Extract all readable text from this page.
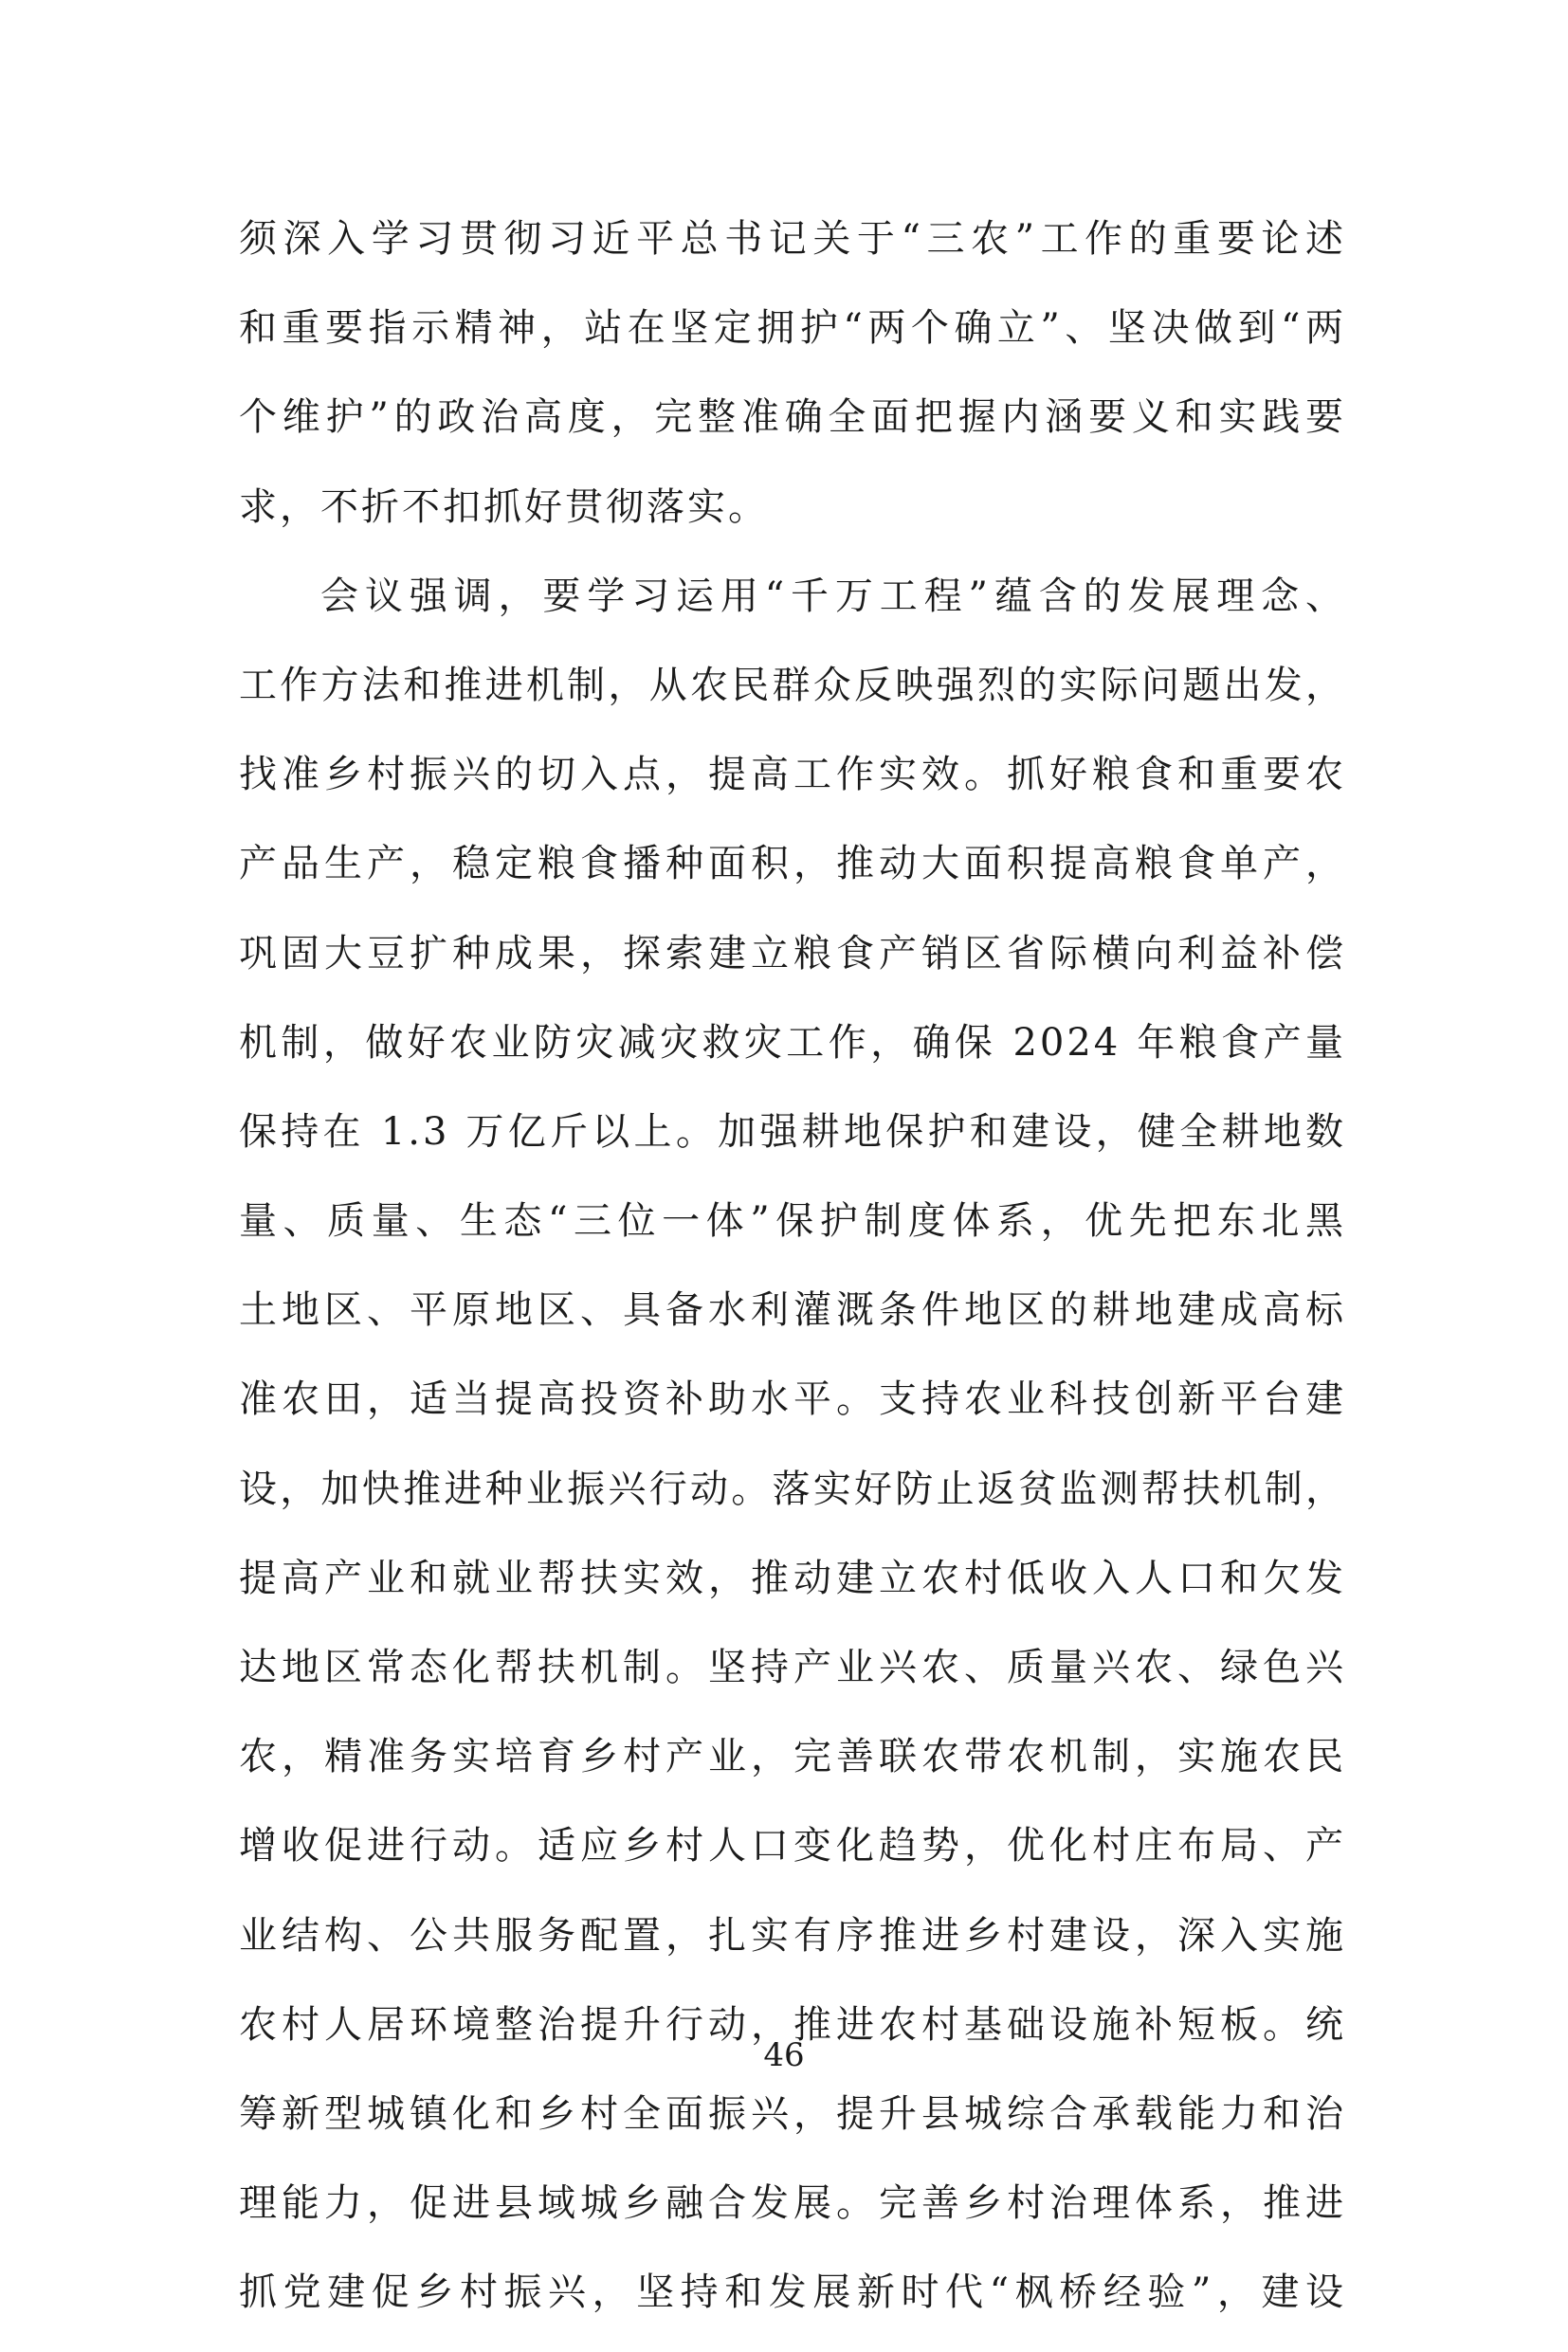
须深入学习贯彻习近平总书记关于“三农”工作的重要论述
和重要指示精神，站在坚定拥护“两个确立”、坚决做到“两
个维护”的政治高度，完整准确全面把握内涵要义和实践要
求，不折不扣抓好贯彻落实。
会议强调，要学习运用“千万工程”蕴含的发展理念、
工作方法和推进机制，从农民群众反映强烈的实际问题出发，
找准乡村振兴的切入点，提高工作实效。抓好粮食和重要农
产品生产，稳定粮食播种面积，推动大面积提高粮食单产，
巩固大豆扩种成果，探索建立粮食产销区省际横向利益补偿
机制，做好农业防灾减灾救灾工作，确保 2024 年粮食产量
保持在 1.3 万亿斤以上。加强耕地保护和建设，健全耕地数
量、质量、生态“三位一体”保护制度体系，优先把东北黑
土地区、平原地区、具备水利灌溉条件地区的耕地建成高标
准农田，适当提高投资补助水平。支持农业科技创新平台建
设，加快推进种业振兴行动。落实好防止返贫监测帮扶机制，
提高产业和就业帮扶实效，推动建立农村低收入人口和欠发
达地区常态化帮扶机制。坚持产业兴农、质量兴农、绿色兴
农，精准务实培育乡村产业，完善联农带农机制，实施农民
增收促进行动。适应乡村人口变化趋势，优化村庄布局、产
业结构、公共服务配置，扎实有序推进乡村建设，深入实施
农村人居环境整治提升行动，推进农村基础设施补短板。统
筹新型城镇化和乡村全面振兴，提升县城综合承载能力和治
理能力，促进县域城乡融合发展。完善乡村治理体系，推进
抓党建促乡村振兴，坚持和发展新时代“枫桥经验”，建设
46
